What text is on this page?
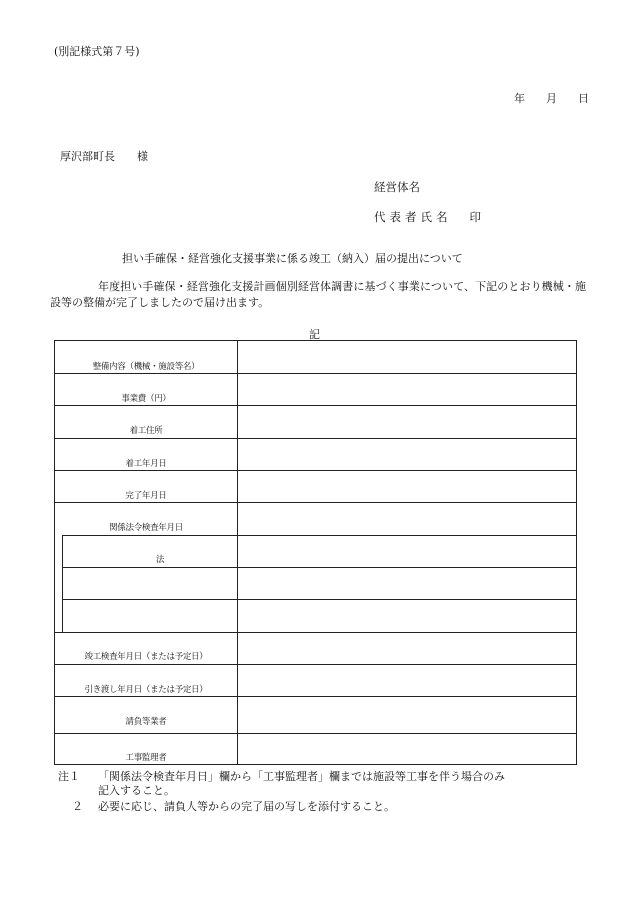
(別記様式第７号)
年 月 日
厚沢部町長 様
経営体名
代表者氏名 印
担い手確保・経営強化支援事業に係る竣工（納入）届の提出について
年度担い手確保・経営強化支援計画個別経営体調書に基づく事業について、下記のとおり機械・施設等の整備が完了しましたので届け出ます。
記
整備内容（機械・施設等名）
事業費（円）
着工住所
着工年月日
完了年月日
関係法令検査年月日
法
竣工検査年月日（または予定日）
引き渡し年月日（または予定日）
請負等業者
工事監理者
注１ 「関係法令検査年月日」欄から「工事監理者」欄までは施設等工事を伴う場合のみ
記入すること。
２ 必要に応じ、請負人等からの完了届の写しを添付すること。
